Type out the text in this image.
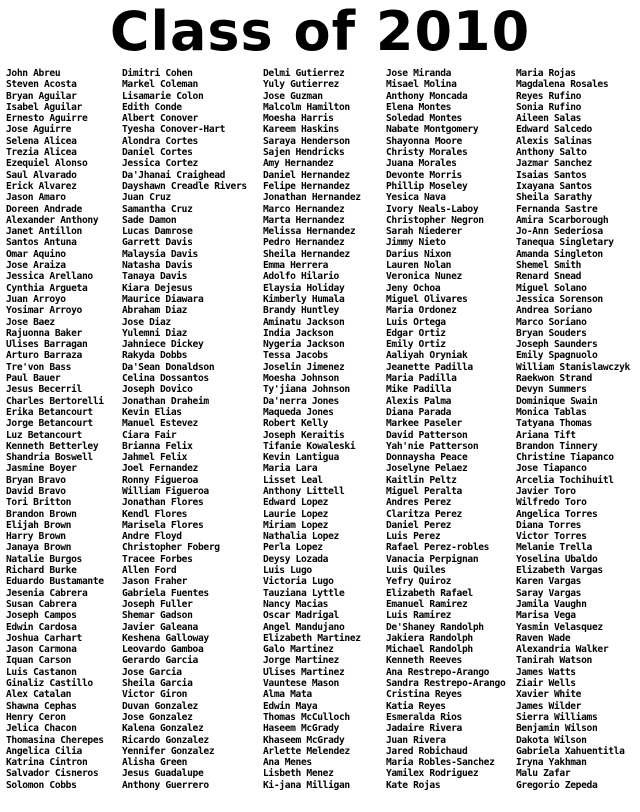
Class of 2010
John Abreu
Steven Acosta
Bryan Aguilar
Isabel Aguilar
Ernesto Aguirre
Jose Aguirre
Selena Alicea
Trezia Alicea
Ezequiel Alonso
Saul Alvarado
Erick Alvarez
Jason Amaro
Doreen Andrade
Alexander Anthony
Janet Antillon
Santos Antuna
Omar Aquino
Jose Araiza
Jessica Arellano
Cynthia Argueta
Juan Arroyo
Yosimar Arroyo
Jose Baez
Rajuonna Baker
Ulises Barragan
Arturo Barraza
Tre'von Bass
Paul Bauer
Jesus Becerril
Charles Bertorelli
Erika Betancourt
Jorge Betancourt
Luz Betancourt
Kenneth Betterley
Shandria Boswell
Jasmine Boyer
Bryan Bravo
David Bravo
Tori Britton
Brandon Brown
Elijah Brown
Harry Brown
Janaya Brown
Natalie Burgos
Richard Burke
Eduardo Bustamante
Jesenia Cabrera
Susan Cabrera
Joseph Campos
Edwin Cardosa
Joshua Carhart
Jason Carmona
Iquan Carson
Luis Castanon
Ginaliz Castillo
Alex Catalan
Shawna Cephas
Henry Ceron
Jelica Chacon
Thomasina Cherepes
Angelica Cilia
Katrina Cintron
Salvador Cisneros
Solomon Cobbs
Dimitri Cohen
Markel Coleman
Lisamarie Colon
Edith Conde
Albert Conover
Tyesha Conover-Hart
Alondra Cortes
Daniel Cortes
Jessica Cortez
Da'Jhanai Craighead
Dayshawn Creadle Rivers
Juan Cruz
Samantha Cruz
Sade Damon
Lucas Damrose
Garrett Davis
Malaysia Davis
Natasha Davis
Tanaya Davis
Kiara Dejesus
Maurice Diawara
Abraham Diaz
Jose Diaz
Yulemni Diaz
Jahniece Dickey
Rakyda Dobbs
Da'Sean Donaldson
Celina Dossantos
Joseph Dovico
Jonathan Draheim
Kevin Elias
Manuel Estevez
Ciara Fair
Brianna Felix
Jahmel Felix
Joel Fernandez
Ronny Figueroa
William Figueroa
Jonathan Flores
Kendl Flores
Marisela Flores
Andre Floyd
Christopher Foberg
Tracee Forbes
Allen Ford
Jason Fraher
Gabriela Fuentes
Joseph Fuller
Shemar Gadson
Javier Galeana
Keshena Galloway
Leovardo Gamboa
Gerardo Garcia
Jose Garcia
Sheila Garcia
Victor Giron
Duvan Gonzalez
Jose Gonzalez
Kalena Gonzalez
Ricardo Gonzalez
Yennifer Gonzalez
Alisha Green
Jesus Guadalupe
Anthony Guerrero
Delmi Gutierrez
Yuly Gutierrez
Jose Guzman
Malcolm Hamilton
Moesha Harris
Kareem Haskins
Saraya Henderson
Sajen Hendricks
Amy Hernandez
Daniel Hernandez
Felipe Hernandez
Jonathan Hernandez
Marco Hernandez
Marta Hernandez
Melissa Hernandez
Pedro Hernandez
Sheila Hernandez
Emma Herrera
Adolfo Hilario
Elaysia Holiday
Kimberly Humala
Brandy Huntley
Aminatu Jackson
India Jackson
Nygeria Jackson
Tessa Jacobs
Joselin Jimenez
Moesha Johnson
Ty'jiana Johnson
Da'nerra Jones
Maqueda Jones
Robert Kelly
Joseph Keraitis
Tifanie Kowaleski
Kevin Lantigua
Maria Lara
Lisset Leal
Anthony Littell
Edward Lopez
Laurie Lopez
Miriam Lopez
Nathalia Lopez
Perla Lopez
Deysy Lozada
Luis Lugo
Victoria Lugo
Tauziana Lyttle
Nancy Macias
Oscar Madrigal
Angel Mandujano
Elizabeth Martinez
Galo Martinez
Jorge Martinez
Ulises Martinez
Vauntese Mason
Alma Mata
Edwin Maya
Thomas McCulloch
Haseem McGrady
Khaseem McGrady
Arlette Melendez
Ana Menes
Lisbeth Menez
Ki-jana Milligan
Jose Miranda
Misael Molina
Anthony Moncada
Elena Montes
Soledad Montes
Nabate Montgomery
Shayonna Moore
Christy Morales
Juana Morales
Devonte Morris
Phillip Moseley
Yesica Nava
Ivory Neals-Laboy
Christopher Negron
Sarah Niederer
Jimmy Nieto
Darius Nixon
Lauren Nolan
Veronica Nunez
Jeny Ochoa
Miguel Olivares
Maria Ordonez
Luis Ortega
Edgar Ortiz
Emily Ortiz
Aaliyah Oryniak
Jeanette Padilla
Maria Padilla
Mike Padilla
Alexis Palma
Diana Parada
Markee Paseler
David Patterson
Yah'nie Patterson
Donnaysha Peace
Joselyne Pelaez
Kaitlin Peltz
Miguel Peralta
Andres Perez
Claritza Perez
Daniel Perez
Luis Perez
Rafael Perez-robles
Vanacia Perpignan
Luis Quiles
Yefry Quiroz
Elizabeth Rafael
Emanuel Ramirez
Luis Ramirez
De'Shaney Randolph
Jakiera Randolph
Michael Randolph
Kenneth Reeves
Ana Restrepo-Arango
Sandra Restrepo-Arango
Cristina Reyes
Katia Reyes
Esmeralda Rios
Jadaire Rivera
Juan Rivera
Jared Robichaud
Maria Robles-Sanchez
Yamilex Rodriguez
Kate Rojas
Maria Rojas
Magdalena Rosales
Reyes Rufino
Sonia Rufino
Aileen Salas
Edward Salcedo
Alexis Salinas
Anthony Salto
Jazmar Sanchez
Isaias Santos
Ixayana Santos
Sheila Sarathy
Fernanda Sastre
Amira Scarborough
Jo-Ann Sederiosa
Tanequa Singletary
Amanda Singleton
Shemel Smith
Renard Snead
Miguel Solano
Jessica Sorenson
Andrea Soriano
Marco Soriano
Bryan Souders
Joseph Saunders
Emily Spagnuolo
William Stanislawczyk
Raekwon Strand
Devyn Summers
Dominique Swain
Monica Tablas
Tatyana Thomas
Ariana Tift
Brandon Tinnery
Christine Tiapanco
Jose Tiapanco
Arcelia Tochihuitl
Javier Toro
Wilfredo Toro
Angelica Torres
Diana Torres
Victor Torres
Melanie Trella
Yoselina Ubaldo
Elizabeth Vargas
Karen Vargas
Saray Vargas
Jamila Vaughn
Marisa Vega
Yasmin Velasquez
Raven Wade
Alexandria Walker
Tanirah Watson
James Watts
Ziair Wells
Xavier White
James Wilder
Sierra Williams
Benjamin Wilson
Dakota Wilson
Gabriela Xahuentitla
Iryna Yakhman
Malu Zafar
Gregorio Zepeda
